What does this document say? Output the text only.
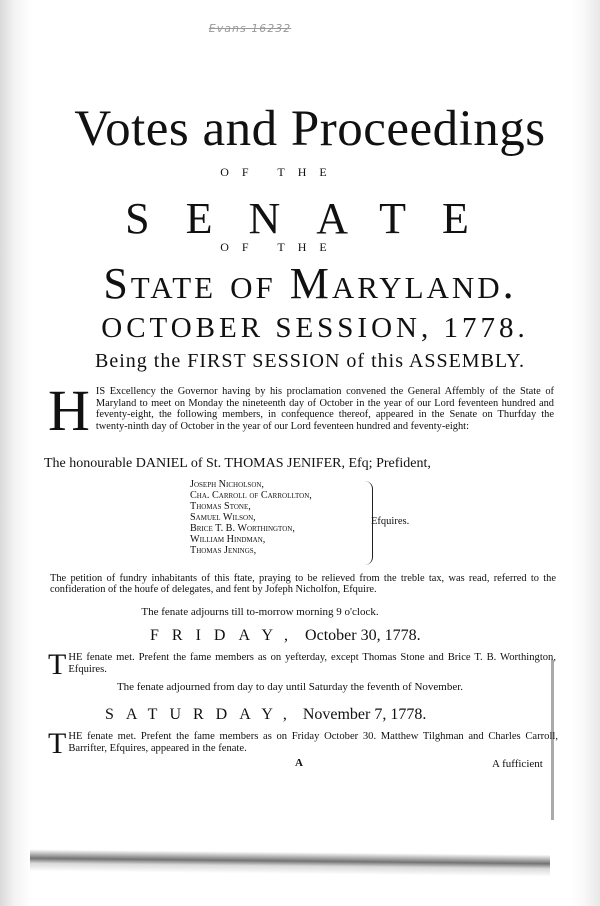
Evans 16232
Votes and Proceedings
OF THE
SENATE
OF THE
State of Maryland.
OCTOBER SESSION, 1778.
Being the FIRST SESSION of this ASSEMBLY.
HIS Excellency the Governor having by his proclamation convened the General Affembly of the State of Maryland to meet on Monday the nineteenth day of October in the year of our Lord feventeen hundred and feventy-eight, the following members, in confequence thereof, appeared in the Senate on Thurfday the twenty-ninth day of October in the year of our Lord feventeen hundred and feventy-eight:
The honourable DANIEL of St. THOMAS JENIFER, Efq; Prefident,
Joseph Nicholson,
Cha. Carroll of Carrollton,
Thomas Stone,
Samuel Wilson,
Brice T. B. Worthington,
William Hindman,
Thomas Jenings,
Efquires.
The petition of fundry inhabitants of this ftate, praying to be relieved from the treble tax, was read, referred to the confideration of the houfe of delegates, and fent by Jofeph Nicholfon, Efquire.
The fenate adjourns till to-morrow morning 9 o'clock.
FRIDAY, October 30, 1778.
THE fenate met. Prefent the fame members as on yefterday, except Thomas Stone and Brice T. B. Worthington, Efquires.
The fenate adjourned from day to day until Saturday the feventh of November.
SATURDAY, November 7, 1778.
THE fenate met. Prefent the fame members as on Friday October 30. Matthew Tilghman and Charles Carroll, Barrifter, Efquires, appeared in the fenate.
A	A fufficient
